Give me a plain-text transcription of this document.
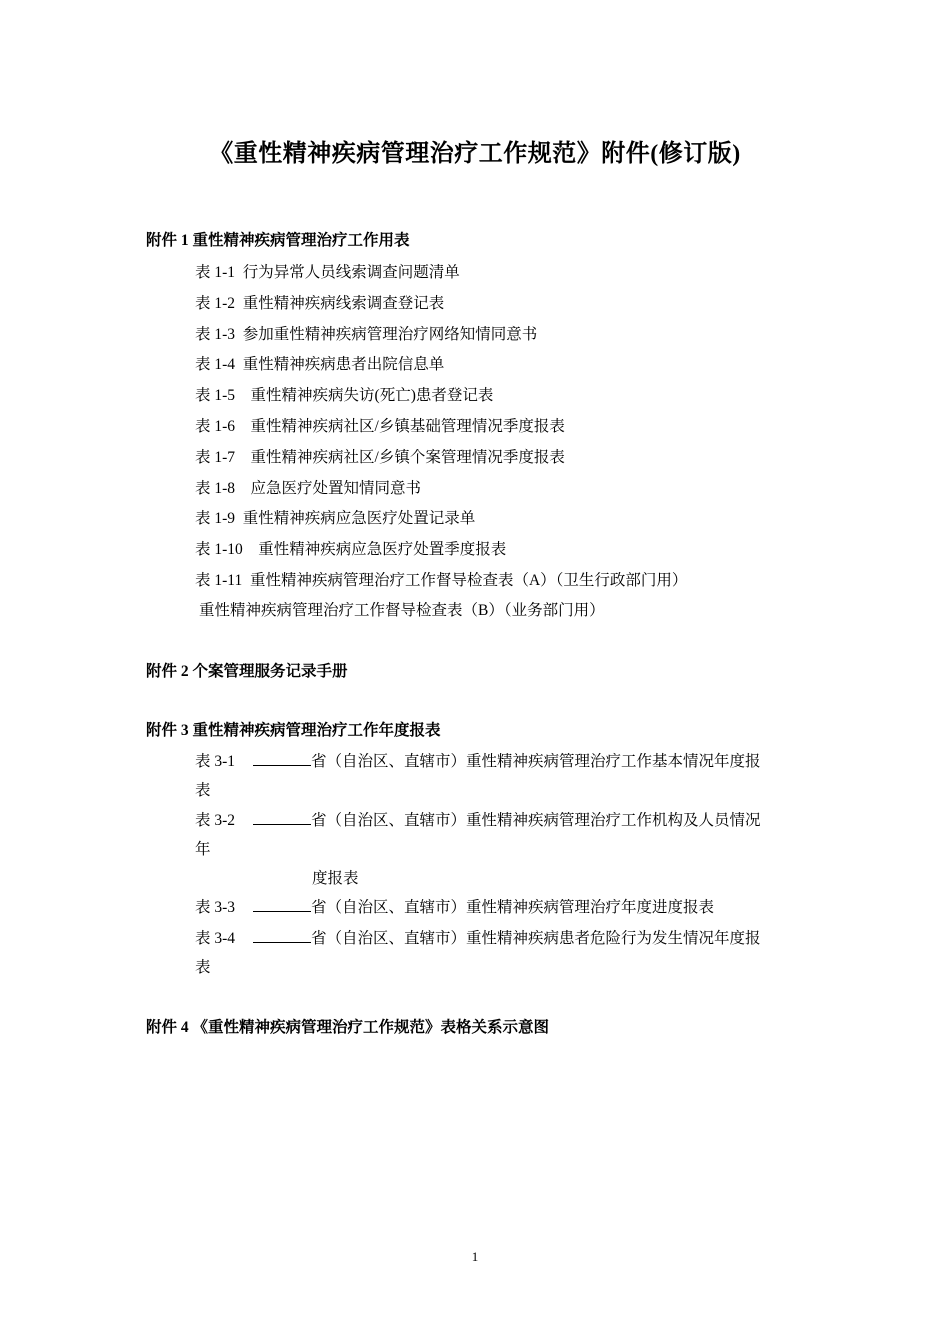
《重性精神疾病管理治疗工作规范》附件(修订版)
附件 1 重性精神疾病管理治疗工作用表
表 1-1 行为异常人员线索调查问题清单
表 1-2 重性精神疾病线索调查登记表
表 1-3 参加重性精神疾病管理治疗网络知情同意书
表 1-4 重性精神疾病患者出院信息单
表 1-5 重性精神疾病失访(死亡)患者登记表
表 1-6 重性精神疾病社区/乡镇基础管理情况季度报表
表 1-7 重性精神疾病社区/乡镇个案管理情况季度报表
表 1-8 应急医疗处置知情同意书
表 1-9 重性精神疾病应急医疗处置记录单
表 1-10 重性精神疾病应急医疗处置季度报表
表 1-11 重性精神疾病管理治疗工作督导检查表（A）（卫生行政部门用）
重性精神疾病管理治疗工作督导检查表（B）（业务部门用）
附件 2 个案管理服务记录手册
附件 3 重性精神疾病管理治疗工作年度报表
表 3-1	省（自治区、直辖市）重性精神疾病管理治疗工作基本情况年度报
表
表 3-2	省（自治区、直辖市）重性精神疾病管理治疗工作机构及人员情况
年
度报表
表 3-3	省（自治区、直辖市）重性精神疾病管理治疗年度进度报表
表 3-4	省（自治区、直辖市）重性精神疾病患者危险行为发生情况年度报
表
附件 4 《重性精神疾病管理治疗工作规范》表格关系示意图
1
